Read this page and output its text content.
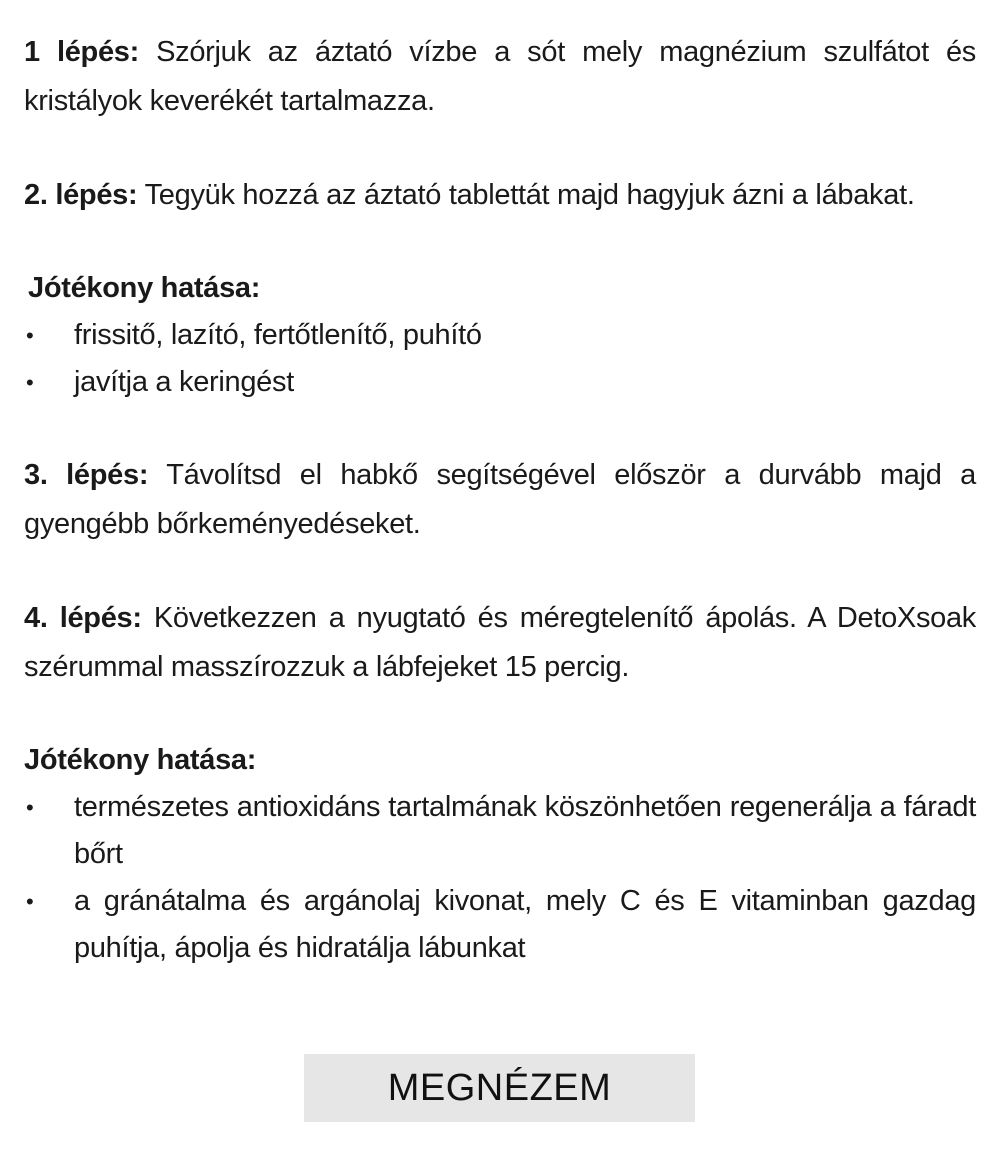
1 lépés: Szórjuk az áztató vízbe a sót mely magnézium szulfátot és kristályok keverékét tartalmazza.

2. lépés: Tegyük hozzá az áztató tablettát majd hagyjuk ázni a lábakat.

Jótékony hatása:

• frissitő, lazító, fertőtlenítő, puhító
• javítja a keringést

3. lépés: Távolítsd el habkő segítségével először a durvább majd a gyengébb bőrkeményedéseket.

4. lépés: Következzen a nyugtató és méregtelenítő ápolás. A DetoXsoak szérummal masszírozzuk a lábfejeket 15 percig.

Jótékony hatása:

• természetes antioxidáns tartalmának köszönhetően regenerálja a fáradt bőrt
• a gránátalma és argánolaj kivonat, mely C és E vitaminban gazdag puhítja, ápolja és hidratálja lábunkat
MEGNÉZEM
